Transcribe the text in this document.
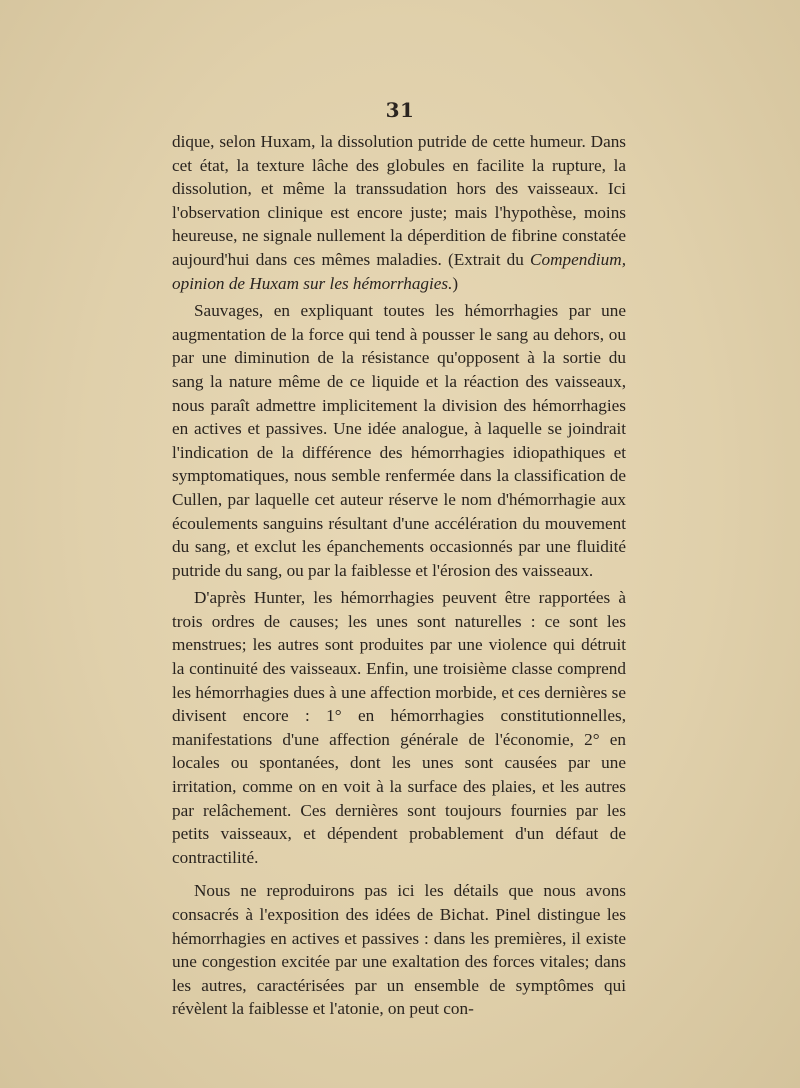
31

dique, selon Huxam, la dissolution putride de cette humeur. Dans cet état, la texture lâche des globules en facilite la rupture, la dissolution, et même la transsudation hors des vaisseaux. Ici l'observation clinique est encore juste; mais l'hypothèse, moins heureuse, ne signale nullement la déperdition de fibrine constatée aujourd'hui dans ces mêmes maladies. (Extrait du Compendium, opinion de Huxam sur les hémorrhagies.)

Sauvages, en expliquant toutes les hémorrhagies par une augmentation de la force qui tend à pousser le sang au dehors, ou par une diminution de la résistance qu'opposent à la sortie du sang la nature même de ce liquide et la réaction des vaisseaux, nous paraît admettre implicitement la division des hémorrhagies en actives et passives. Une idée analogue, à laquelle se joindrait l'indication de la différence des hémorrhagies idiopathiques et symptomatiques, nous semble renfermée dans la classification de Cullen, par laquelle cet auteur réserve le nom d'hémorrhagie aux écoulements sanguins résultant d'une accélération du mouvement du sang, et exclut les épanchements occasionnés par une fluidité putride du sang, ou par la faiblesse et l'érosion des vaisseaux.

D'après Hunter, les hémorrhagies peuvent être rapportées à trois ordres de causes; les unes sont naturelles : ce sont les menstrues; les autres sont produites par une violence qui détruit la continuité des vaisseaux. Enfin, une troisième classe comprend les hémorrhagies dues à une affection morbide, et ces dernières se divisent encore : 1° en hémorrhagies constitutionnelles, manifestations d'une affection générale de l'économie, 2° en locales ou spontanées, dont les unes sont causées par une irritation, comme on en voit à la surface des plaies, et les autres par relâchement. Ces dernières sont toujours fournies par les petits vaisseaux, et dépendent probablement d'un défaut de contractilité.

Nous ne reproduirons pas ici les détails que nous avons consacrés à l'exposition des idées de Bichat. Pinel distingue les hémorrhagies en actives et passives : dans les premières, il existe une congestion excitée par une exaltation des forces vitales; dans les autres, caractérisées par un ensemble de symptômes qui révèlent la faiblesse et l'atonie, on peut con-
